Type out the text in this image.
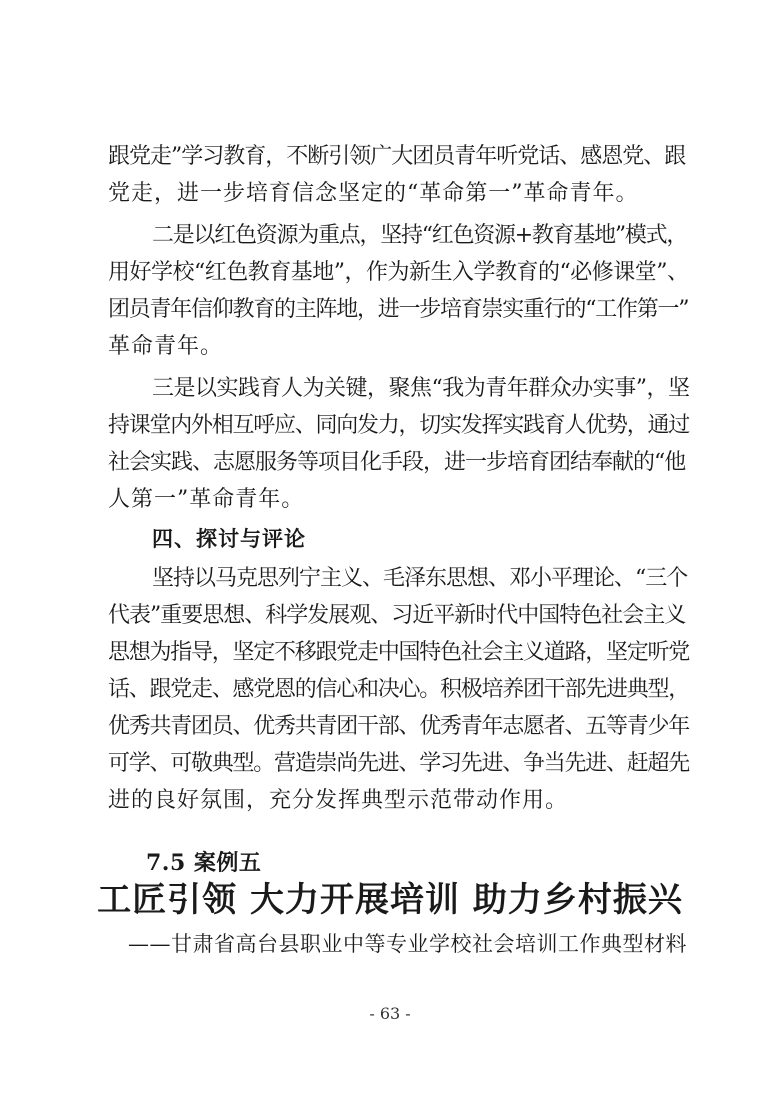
跟党走”学习教育，不断引领广大团员青年听党话、感恩党、跟
党走，进一步培育信念坚定的“革命第一”革命青年。
二是以红色资源为重点，坚持“红色资源+教育基地”模式，
用好学校“红色教育基地”，作为新生入学教育的“必修课堂”、
团员青年信仰教育的主阵地，进一步培育崇实重行的“工作第一”
革命青年。
三是以实践育人为关键，聚焦“我为青年群众办实事”，坚
持课堂内外相互呼应、同向发力，切实发挥实践育人优势，通过
社会实践、志愿服务等项目化手段，进一步培育团结奉献的“他
人第一”革命青年。
四、探讨与评论
坚持以马克思列宁主义、毛泽东思想、邓小平理论、“三个
代表”重要思想、科学发展观、习近平新时代中国特色社会主义
思想为指导，坚定不移跟党走中国特色社会主义道路，坚定听党
话、跟党走、感党恩的信心和决心。积极培养团干部先进典型，
优秀共青团员、优秀共青团干部、优秀青年志愿者、五等青少年
可学、可敬典型。营造崇尚先进、学习先进、争当先进、赶超先
进的良好氛围，充分发挥典型示范带动作用。
7.5 案例五
工匠引领 大力开展培训 助力乡村振兴
——甘肃省高台县职业中等专业学校社会培训工作典型材料
- 63 -
